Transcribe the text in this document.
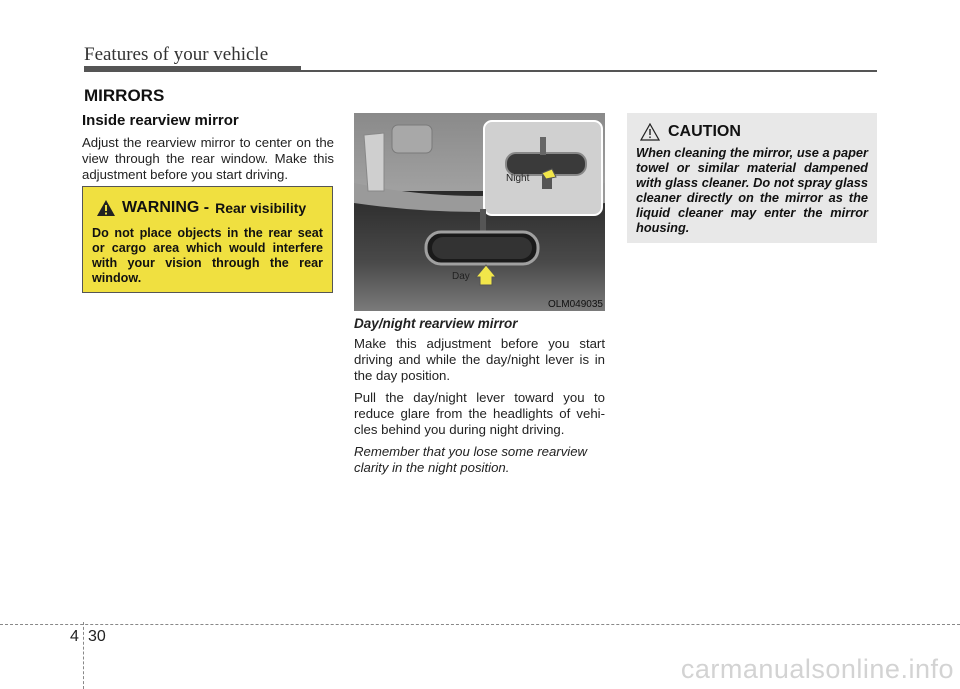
Features of your vehicle
MIRRORS
Inside rearview mirror

Adjust the rearview mirror to center on the view through the rear window. Make this adjustment before you start driving.

WARNING - Rear visibility
Do not place objects in the rear seat or cargo area which would interfere with your vision through the rear window.
Night
Day
OLM049035
Day/night rearview mirror

Make this adjustment before you start driving and while the day/night lever is in the day position.

Pull the day/night lever toward you to reduce glare from the headlights of vehi- cles behind you during night driving.

Remember that you lose some rearview clarity in the night position.

CAUTION
When cleaning the mirror, use a paper towel or similar material dampened with glass cleaner. Do not spray glass cleaner directly on the mirror as the liquid cleaner may enter the mirror housing.
4 30
carmanualsonline.info
